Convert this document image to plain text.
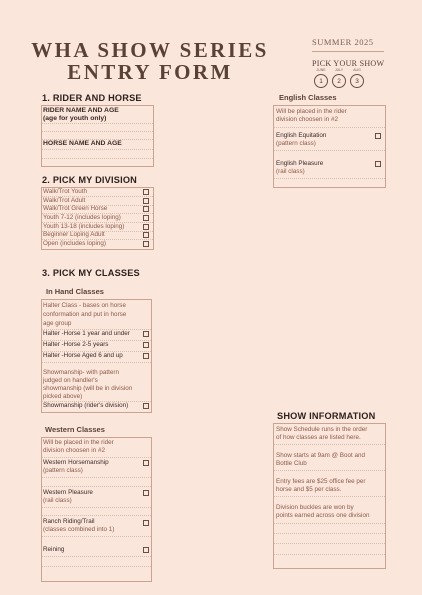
WHA SHOW SERIES
ENTRY FORM
SUMMER 2025
PICK YOUR SHOW
JUNE	JULY	AUG
1	2	3
1. RIDER AND HORSE
RIDER NAME AND AGE
(age for youth only)
HORSE NAME AND AGE
2. PICK MY DIVISION
Walk/Trot Youth
Walk/Trot Adult
Walk/Trot Green Horse
Youth 7-12 (includes loping)
Youth 13-18 (includes loping)
Beginner Loping Adult
Open (includes loping)
3. PICK MY CLASSES
In Hand Classes
Halter Class - bases on horse
conformation and put in horse
age group
Halter -Horse 1 year and under
Halter -Horse 2-5 years
Halter -Horse Aged 6 and up
Showmanship- with pattern
judged on handler's
showmanship (will be in division
picked above)
Showmanship (rider's division)
Western Classes
Will be placed in the rider
division choosen in #2
Western Horsemanship
(pattern class)
Western Pleasure
(rail class)
Ranch Riding/Trail
(classes combined into 1)
Reining
English Classes
Will be placed in the rider
division choosen in #2
English Equitation
(pattern class)
English Pleasure
(rail class)
SHOW INFORMATION
Show Schedule runs in the order
of how classes are listed here.
Show starts at 9am @ Boot and
Bottle Club
Entry fees are $25 office fee per
horse and $5 per class.
Division buckles are won by
points earned across one division
